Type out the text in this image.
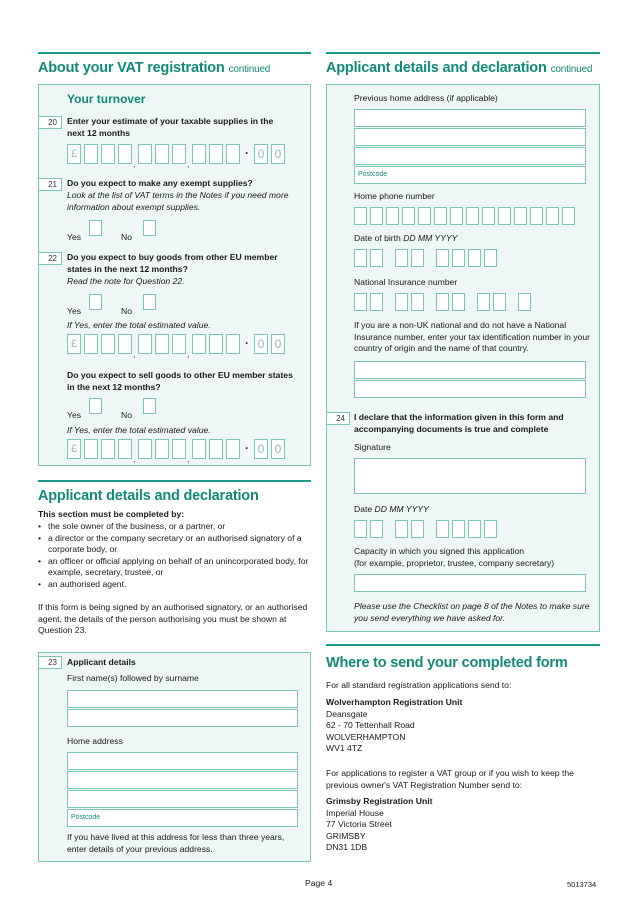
About your VAT registration continued
Your turnover
20	Enter your estimate of your taxable supplies in the next 12 months
£
,	,
· 0 0
21	Do you expect to make any exempt supplies?
Look at the list of VAT terms in the Notes if you need more information about exempt supplies.
Yes	No
22	Do you expect to buy goods from other EU member states in the next 12 months?
Read the note for Question 22.
Yes	No
If Yes, enter the total estimated value.
£
,	,
· 0 0
Do you expect to sell goods to other EU member states in the next 12 months?
Yes	No
If Yes, enter the total estimated value.
£
,	,
· 0 0
Applicant details and declaration
This section must be completed by:
• the sole owner of the business, or a partner, or
• a director or the company secretary or an authorised signatory of a corporate body, or
• an officer or official applying on behalf of an unincorporated body, for example, secretary, trustee, or
• an authorised agent.
If this form is being signed by an authorised signatory, or an authorised agent, the details of the person authorising you must be shown at Question 23.
23	Applicant details
First name(s) followed by surname
Home address
Postcode
If you have lived at this address for less than three years, enter details of your previous address.
Applicant details and declaration continued
Previous home address (if applicable)
Postcode
Home phone number
Date of birth DD MM YYYY
National Insurance number
If you are a non-UK national and do not have a National Insurance number, enter your tax identification number in your country of origin and the name of that country.
24	I declare that the information given in this form and accompanying documents is true and complete
Signature
Date DD MM YYYY
Capacity in which you signed this application
(for example, proprietor, trustee, company secretary)
Please use the Checklist on page 8 of the Notes to make sure you send everything we have asked for.
Where to send your completed form
For all standard registration applications send to:
Wolverhampton Registration Unit
Deansgate
62 - 70 Tettenhall Road
WOLVERHAMPTON
WV1 4TZ
For applications to register a VAT group or if you wish to keep the previous owner's VAT Registration Number send to:
Grimsby Registration Unit
Imperial House
77 Victoria Street
GRIMSBY
DN31 1DB
Page 4	5013734
